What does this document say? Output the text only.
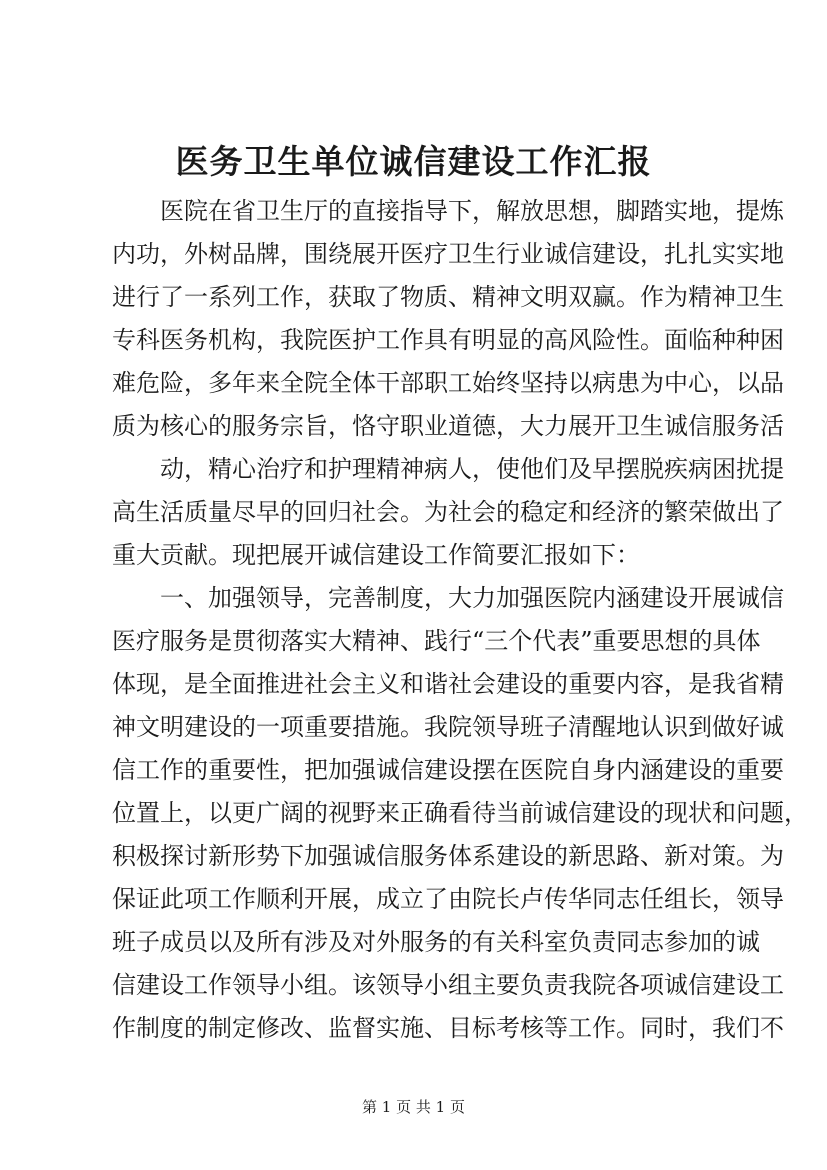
医务卫生单位诚信建设工作汇报
医院在省卫生厅的直接指导下，解放思想，脚踏实地，提炼
内功，外树品牌，围绕展开医疗卫生行业诚信建设，扎扎实实地
进行了一系列工作，获取了物质、精神文明双赢。作为精神卫生
专科医务机构，我院医护工作具有明显的高风险性。面临种种困
难危险，多年来全院全体干部职工始终坚持以病患为中心，以品
质为核心的服务宗旨，恪守职业道德，大力展开卫生诚信服务活
动，精心治疗和护理精神病人，使他们及早摆脱疾病困扰提
高生活质量尽早的回归社会。为社会的稳定和经济的繁荣做出了
重大贡献。现把展开诚信建设工作简要汇报如下：
一、加强领导，完善制度，大力加强医院内涵建设开展诚信
医疗服务是贯彻落实大精神、践行“三个代表”重要思想的具体
体现，是全面推进社会主义和谐社会建设的重要内容，是我省精
神文明建设的一项重要措施。我院领导班子清醒地认识到做好诚
信工作的重要性，把加强诚信建设摆在医院自身内涵建设的重要
位置上，以更广阔的视野来正确看待当前诚信建设的现状和问题，
积极探讨新形势下加强诚信服务体系建设的新思路、新对策。为
保证此项工作顺利开展，成立了由院长卢传华同志任组长，领导
班子成员以及所有涉及对外服务的有关科室负责同志参加的诚
信建设工作领导小组。该领导小组主要负责我院各项诚信建设工
作制度的制定修改、监督实施、目标考核等工作。同时，我们不
第 1 页 共 1 页
